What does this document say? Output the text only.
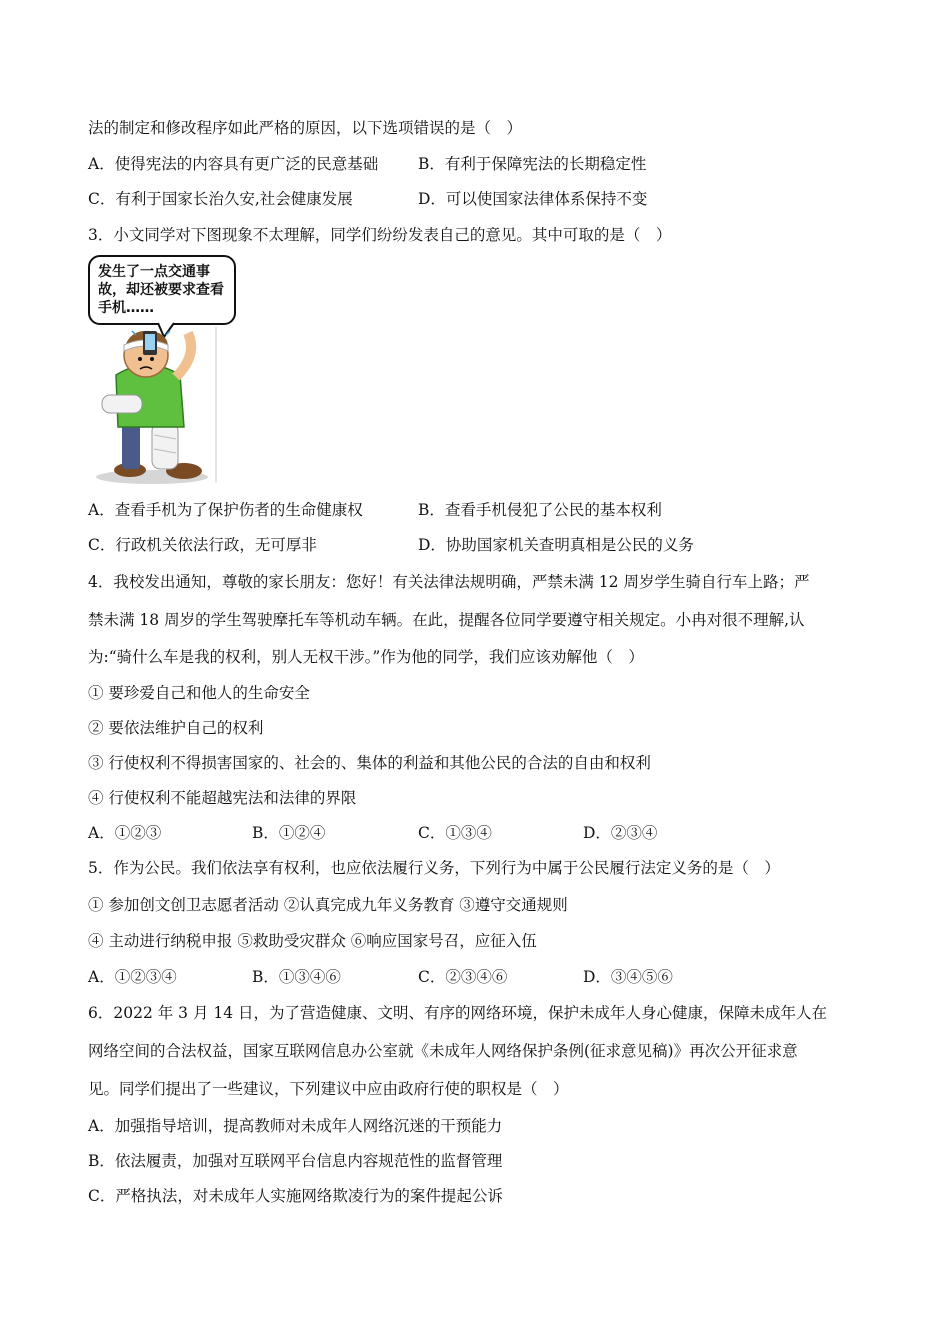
法的制定和修改程序如此严格的原因，以下选项错误的是（　）
A．使得宪法的内容具有更广泛的民意基础	B．有利于保障宪法的长期稳定性
C．有利于国家长治久安,社会健康发展	D．可以使国家法律体系保持不变
3．小文同学对下图现象不太理解，同学们纷纷发表自己的意见。其中可取的是（　）
发生了一点交通事故，却还被要求查看手机……
A．查看手机为了保护伤者的生命健康权	B．查看手机侵犯了公民的基本权利
C．行政机关依法行政，无可厚非	D．协助国家机关查明真相是公民的义务
4．我校发出通知，尊敬的家长朋友：您好！有关法律法规明确，严禁未满 12 周岁学生骑自行车上路；严
禁未满 18 周岁的学生驾驶摩托车等机动车辆。在此，提醒各位同学要遵守相关规定。小冉对很不理解,认
为:“骑什么车是我的权利，别人无权干涉。”作为他的同学，我们应该劝解他（　）
① 要珍爱自己和他人的生命安全
② 要依法维护自己的权利
③ 行使权利不得损害国家的、社会的、集体的利益和其他公民的合法的自由和权利
④ 行使权利不能超越宪法和法律的界限
A．①②③	B．①②④	C．①③④	D．②③④
5．作为公民。我们依法享有权利，也应依法履行义务，下列行为中属于公民履行法定义务的是（　）
① 参加创文创卫志愿者活动 ②认真完成九年义务教育 ③遵守交通规则
④ 主动进行纳税申报 ⑤救助受灾群众 ⑥响应国家号召，应征入伍
A．①②③④	B．①③④⑥	C．②③④⑥	D．③④⑤⑥
6．2022 年 3 月 14 日，为了营造健康、文明、有序的网络环境，保护未成年人身心健康，保障未成年人在
网络空间的合法权益，国家互联网信息办公室就《未成年人网络保护条例(征求意见稿)》再次公开征求意
见。同学们提出了一些建议，下列建议中应由政府行使的职权是（　）
A．加强指导培训，提高教师对未成年人网络沉迷的干预能力
B．依法履责，加强对互联网平台信息内容规范性的监督管理
C．严格执法，对未成年人实施网络欺凌行为的案件提起公诉
